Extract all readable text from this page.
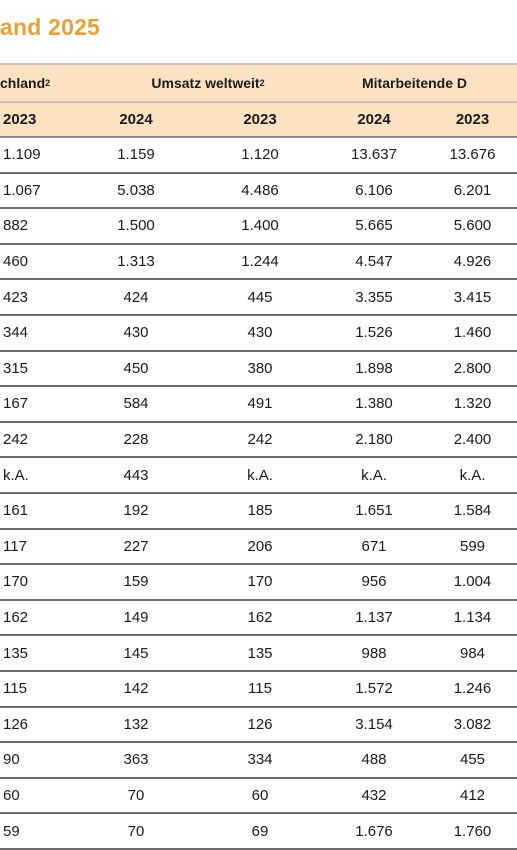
and 2025
chland 2	Umsatz weltweit 2	Mitarbeitende D
2023	2024	2023	2024	2023
1.109	1.159	1.120	13.637	13.676
1.067	5.038	4.486	6.106	6.201
882	1.500	1.400	5.665	5.600
460	1.313	1.244	4.547	4.926
423	424	445	3.355	3.415
344	430	430	1.526	1.460
315	450	380	1.898	2.800
167	584	491	1.380	1.320
242	228	242	2.180	2.400
k.A.	443	k.A.	k.A.	k.A.
161	192	185	1.651	1.584
117	227	206	671	599
170	159	170	956	1.004
162	149	162	1.137	1.134
135	145	135	988	984
115	142	115	1.572	1.246
126	132	126	3.154	3.082
90	363	334	488	455
60	70	60	432	412
59	70	69	1.676	1.760
